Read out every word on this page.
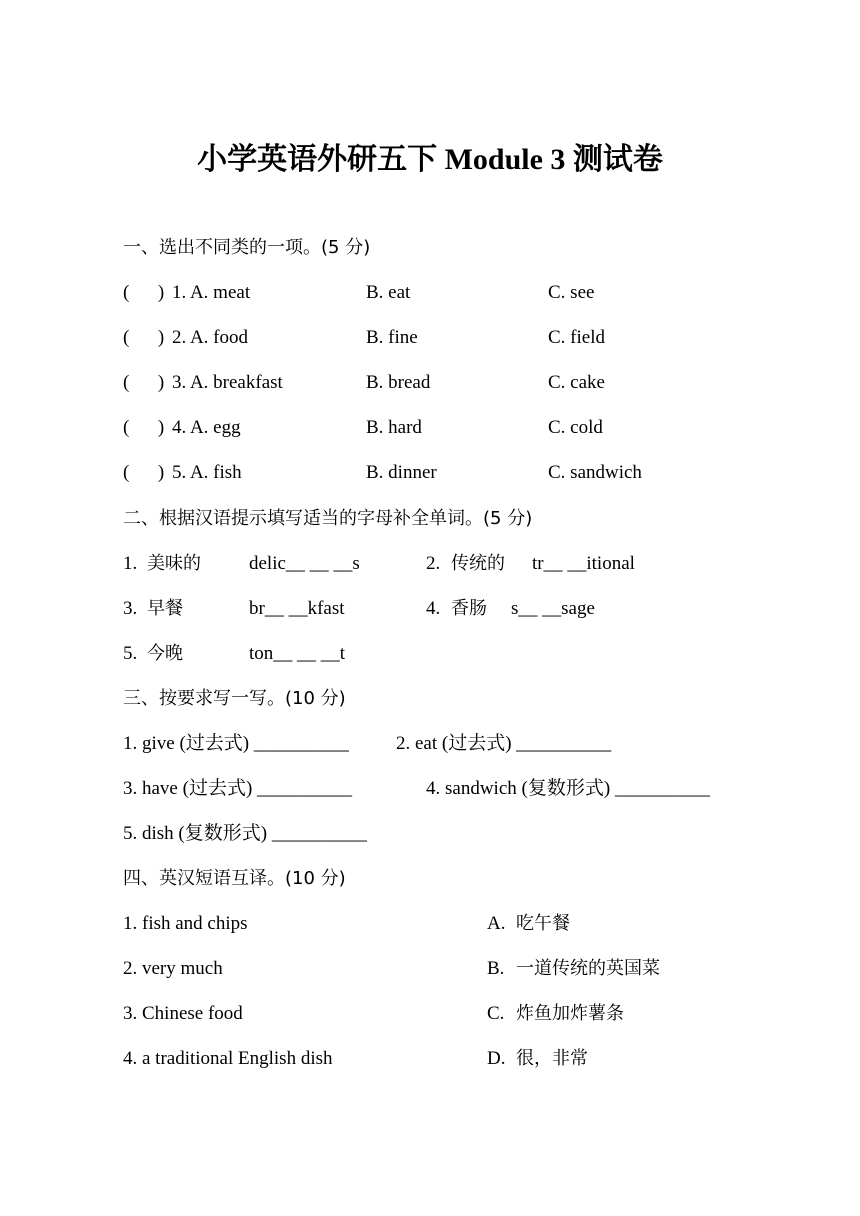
小学英语外研五下 Module 3 测试卷
一、选出不同类的一项。(5 分)
(      ) 1. A. meat	B. eat	C. see
(      ) 2. A. food	B. fine	C. field
(      ) 3. A. breakfast	B. bread	C. cake
(      ) 4. A. egg	B. hard	C. cold
(      ) 5. A. fish	B. dinner	C. sandwich
二、根据汉语提示填写适当的字母补全单词。(5 分)
1. 美味的	delic__ __ __s	2. 传统的 tr__ __itional
3. 早餐	br__ __kfast	4. 香肠 s__ __sage
5. 今晚	ton__ __ __t
三、按要求写一写。(10 分)
1. give (过去式) __________ 2. eat (过去式) __________
3. have (过去式) __________	4. sandwich (复数形式) __________
5. dish (复数形式) __________
四、英汉短语互译。(10 分)
1. fish and chips	A. 吃午餐
2. very much	B. 一道传统的英国菜
3. Chinese food	C. 炸鱼加炸薯条
4. a traditional English dish	D. 很，非常
